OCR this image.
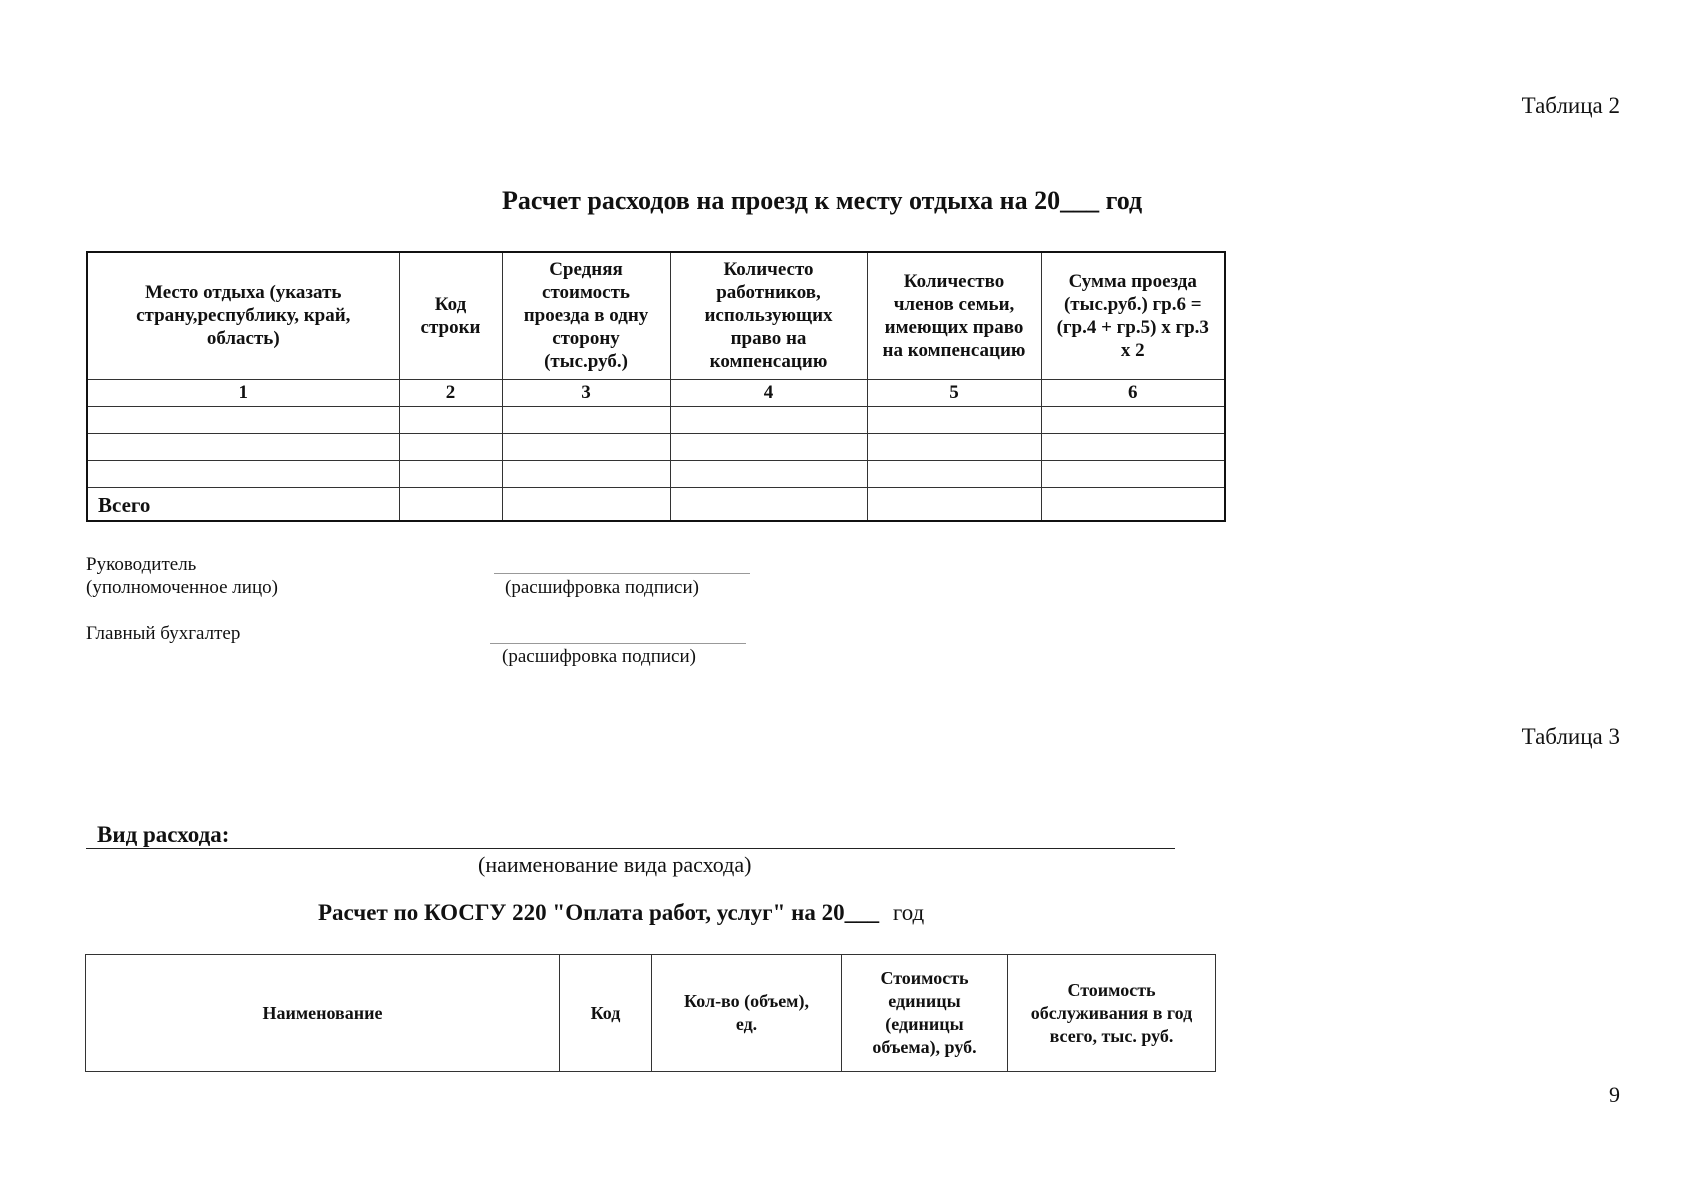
Таблица 2
Расчет расходов на проезд к месту отдыха на 20___ год
Место отдыха (указать страну,республику, край, область)	Код строки	Средняя стоимость проезда в одну сторону (тыс.руб.)	Количесто работников, использующих право на компенсацию	Количество членов семьи, имеющих право на компенсацию	Сумма проезда (тыс.руб.) гр.6 = (гр.4 + гр.5) х гр.3 х 2
1	2	3	4	5	6

Всего					
Руководитель
(уполномоченное лицо)	(расшифровка подписи)
Главный бухгалтер
(расшифровка подписи)
Таблица 3
Вид расхода:
(наименование вида расхода)
Расчет по КОСГУ 220 "Оплата работ, услуг" на 20___ год
Наименование	Код	Кол-во (объем), ед.	Стоимость единицы (единицы объема), руб.	Стоимость обслуживания в год всего, тыс. руб.
9
